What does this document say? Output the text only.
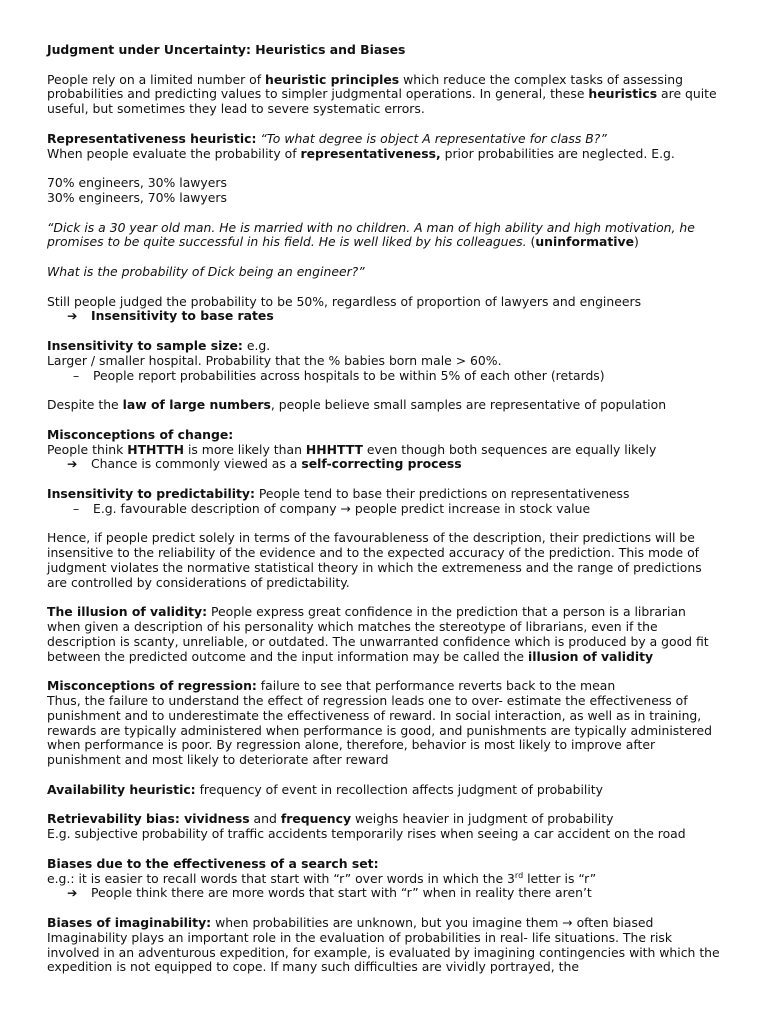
Judgment under Uncertainty: Heuristics and Biases

People rely on a limited number of heuristic principles which reduce the complex tasks of assessing probabilities and predicting values to simpler judgmental operations. In general, these heuristics are quite useful, but sometimes they lead to severe systematic errors.

Representativeness heuristic: “To what degree is object A representative for class B?”

When people evaluate the probability of representativeness, prior probabilities are neglected. E.g.

70% engineers, 30% lawyers

30% engineers, 70% lawyers

“Dick is a 30 year old man. He is married with no children. A man of high ability and high motivation, he promises to be quite successful in his field. He is well liked by his colleagues. (uninformative)

What is the probability of Dick being an engineer?”

Still people judged the probability to be 50%, regardless of proportion of lawyers and engineers

➔ Insensitivity to base rates

Insensitivity to sample size: e.g.

Larger / smaller hospital. Probability that the % babies born male > 60%.

– People report probabilities across hospitals to be within 5% of each other (retards)

Despite the law of large numbers, people believe small samples are representative of population

Misconceptions of change:

People think HTHTTH is more likely than HHHTTT even though both sequences are equally likely

➔ Chance is commonly viewed as a self-correcting process

Insensitivity to predictability: People tend to base their predictions on representativeness

– E.g. favourable description of company → people predict increase in stock value

Hence, if people predict solely in terms of the favourableness of the description, their predictions will be insensitive to the reliability of the evidence and to the expected accuracy of the prediction. This mode of judgment violates the normative statistical theory in which the extremeness and the range of predictions are controlled by considerations of predictability.

The illusion of validity: People express great confidence in the prediction that a person is a librarian when given a description of his personality which matches the stereotype of librarians, even if the description is scanty, unreliable, or outdated. The unwarranted confidence which is produced by a good fit between the predicted outcome and the input information may be called the illusion of validity

Misconceptions of regression: failure to see that performance reverts back to the mean

Thus, the failure to understand the effect of regression leads one to over- estimate the effectiveness of punishment and to underestimate the effectiveness of reward. In social interaction, as well as in training, rewards are typically administered when performance is good, and punishments are typically administered when performance is poor. By regression alone, therefore, behavior is most likely to improve after punishment and most likely to deteriorate after reward

Availability heuristic: frequency of event in recollection affects judgment of probability

Retrievability bias: vividness and frequency weighs heavier in judgment of probability

E.g. subjective probability of traffic accidents temporarily rises when seeing a car accident on the road

Biases due to the effectiveness of a search set:

e.g.: it is easier to recall words that start with “r” over words in which the 3rd letter is “r”

➔ People think there are more words that start with “r” when in reality there aren’t

Biases of imaginability: when probabilities are unknown, but you imagine them → often biased

Imaginability plays an important role in the evaluation of probabilities in real- life situations. The risk involved in an adventurous expedition, for example, is evaluated by imagining contingencies with which the expedition is not equipped to cope. If many such difficulties are vividly portrayed, the
